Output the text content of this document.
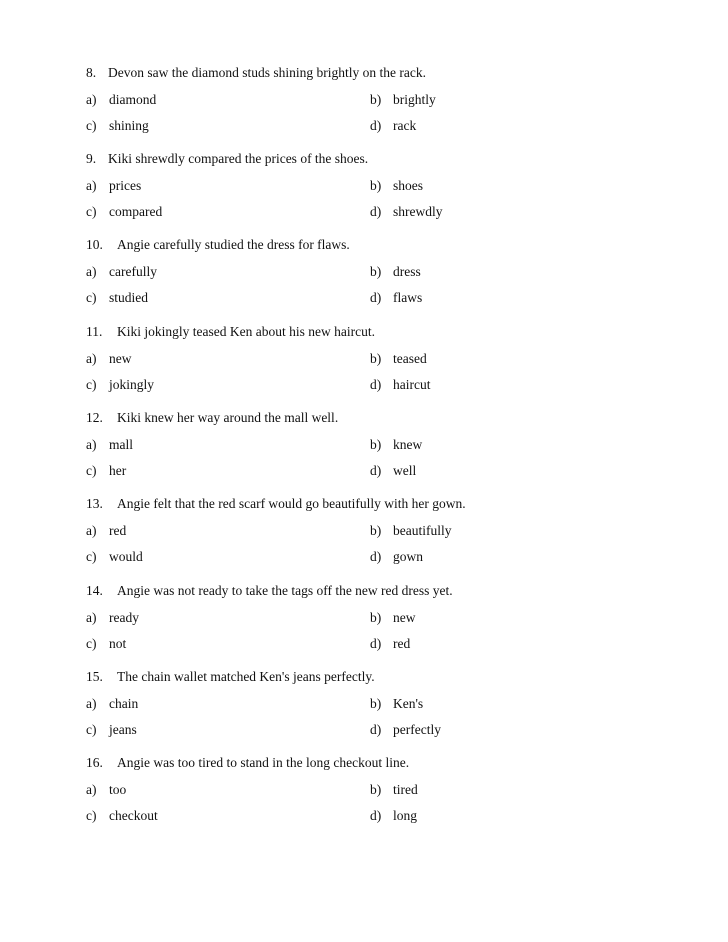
8. Devon saw the diamond studs shining brightly on the rack.
a) diamond	b) brightly
c) shining	d) rack
9. Kiki shrewdly compared the prices of the shoes.
a) prices	b) shoes
c) compared	d) shrewdly
10. Angie carefully studied the dress for flaws.
a) carefully	b) dress
c) studied	d) flaws
11. Kiki jokingly teased Ken about his new haircut.
a) new	b) teased
c) jokingly	d) haircut
12. Kiki knew her way around the mall well.
a) mall	b) knew
c) her	d) well
13. Angie felt that the red scarf would go beautifully with her gown.
a) red	b) beautifully
c) would	d) gown
14. Angie was not ready to take the tags off the new red dress yet.
a) ready	b) new
c) not	d) red
15. The chain wallet matched Ken's jeans perfectly.
a) chain	b) Ken's
c) jeans	d) perfectly
16. Angie was too tired to stand in the long checkout line.
a) too	b) tired
c) checkout	d) long
